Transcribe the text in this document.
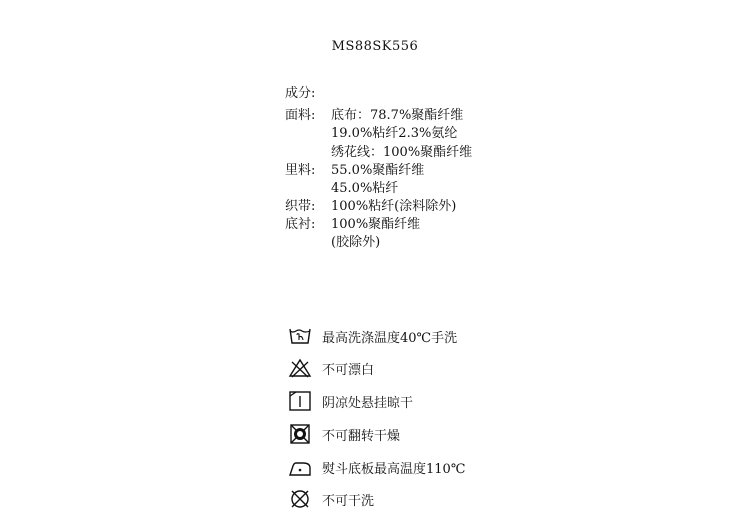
MS88SK556
成分:
面料: 底布：78.7%聚酯纤维
19.0%粘纤2.3%氨纶
绣花线：100%聚酯纤维
里料: 55.0%聚酯纤维
45.0%粘纤
织带: 100%粘纤(涂料除外)
底衬: 100%聚酯纤维
(胶除外)
最高洗涤温度40℃手洗
不可漂白
阴凉处悬挂晾干
不可翻转干燥
熨斗底板最高温度110℃
不可干洗
